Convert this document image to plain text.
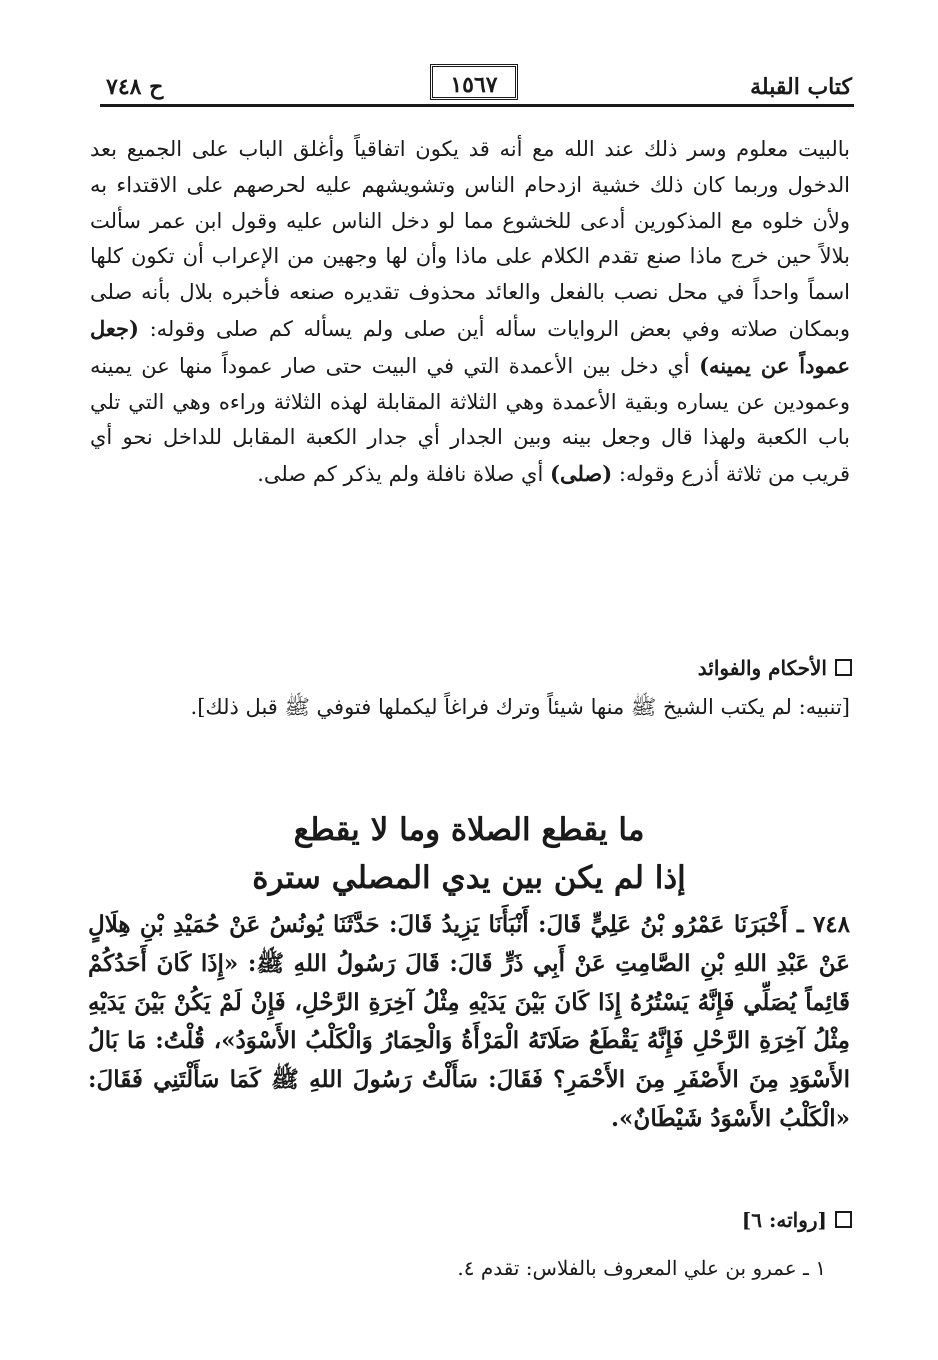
كتاب القبلة
١٥٦٧
ح ٧٤٨
بالبيت معلوم وسر ذلك عند الله مع أنه قد يكون اتفاقياً وأغلق الباب على الجميع بعد الدخول وربما كان ذلك خشية ازدحام الناس وتشويشهم عليه لحرصهم على الاقتداء به ولأن خلوه مع المذكورين أدعى للخشوع مما لو دخل الناس عليه وقول ابن عمر سألت بلالاً حين خرج ماذا صنع تقدم الكلام على ماذا وأن لها وجهين من الإعراب أن تكون كلها اسماً واحداً في محل نصب بالفعل والعائد محذوف تقديره صنعه فأخبره بلال بأنه صلى وبمكان صلاته وفي بعض الروايات سأله أين صلى ولم يسأله كم صلى وقوله: (جعل عموداً عن يمينه) أي دخل بين الأعمدة التي في البيت حتى صار عموداً منها عن يمينه وعمودين عن يساره وبقية الأعمدة وهي الثلاثة المقابلة لهذه الثلاثة وراءه وهي التي تلي باب الكعبة ولهذا قال وجعل بينه وبين الجدار أي جدار الكعبة المقابل للداخل نحو أي قريب من ثلاثة أذرع وقوله: (صلى) أي صلاة نافلة ولم يذكر كم صلى.
الأحكام والفوائد
[تنبيه: لم يكتب الشيخ ﷺ منها شيئاً وترك فراغاً ليكملها فتوفي ﷺ قبل ذلك].
ما يقطع الصلاة وما لا يقطع
إذا لم يكن بين يدي المصلي سترة
٧٤٨ ـ أَخْبَرَنَا عَمْرُو بْنُ عَلِيٍّ قَالَ: أَنْبَأَنَا يَزِيدُ قَالَ: حَدَّثَنَا يُونُسُ عَنْ حُمَيْدِ بْنِ هِلَالٍ عَنْ عَبْدِ اللهِ بْنِ الصَّامِتِ عَنْ أَبِي ذَرٍّ قَالَ: قَالَ رَسُولُ اللهِ ﷺ: «إِذَا كَانَ أَحَدُكُمْ قَائِماً يُصَلِّي فَإِنَّهُ يَسْتُرُهُ إِذَا كَانَ بَيْنَ يَدَيْهِ مِثْلُ آخِرَةِ الرَّحْلِ، فَإِنْ لَمْ يَكُنْ بَيْنَ يَدَيْهِ مِثْلُ آخِرَةِ الرَّحْلِ فَإِنَّهُ يَقْطَعُ صَلَاتَهُ الْمَرْأَةُ وَالْحِمَارُ وَالْكَلْبُ الأَسْوَدُ»، قُلْتُ: مَا بَالُ الأَسْوَدِ مِنَ الأَصْفَرِ مِنَ الأَحْمَرِ؟ فَقَالَ: سَأَلْتُ رَسُولَ اللهِ ﷺ كَمَا سَأَلْتَنِي فَقَالَ: «الْكَلْبُ الأَسْوَدُ شَيْطَانٌ».
[رواته: ٦]
١ ـ عمرو بن علي المعروف بالفلاس: تقدم ٤.
